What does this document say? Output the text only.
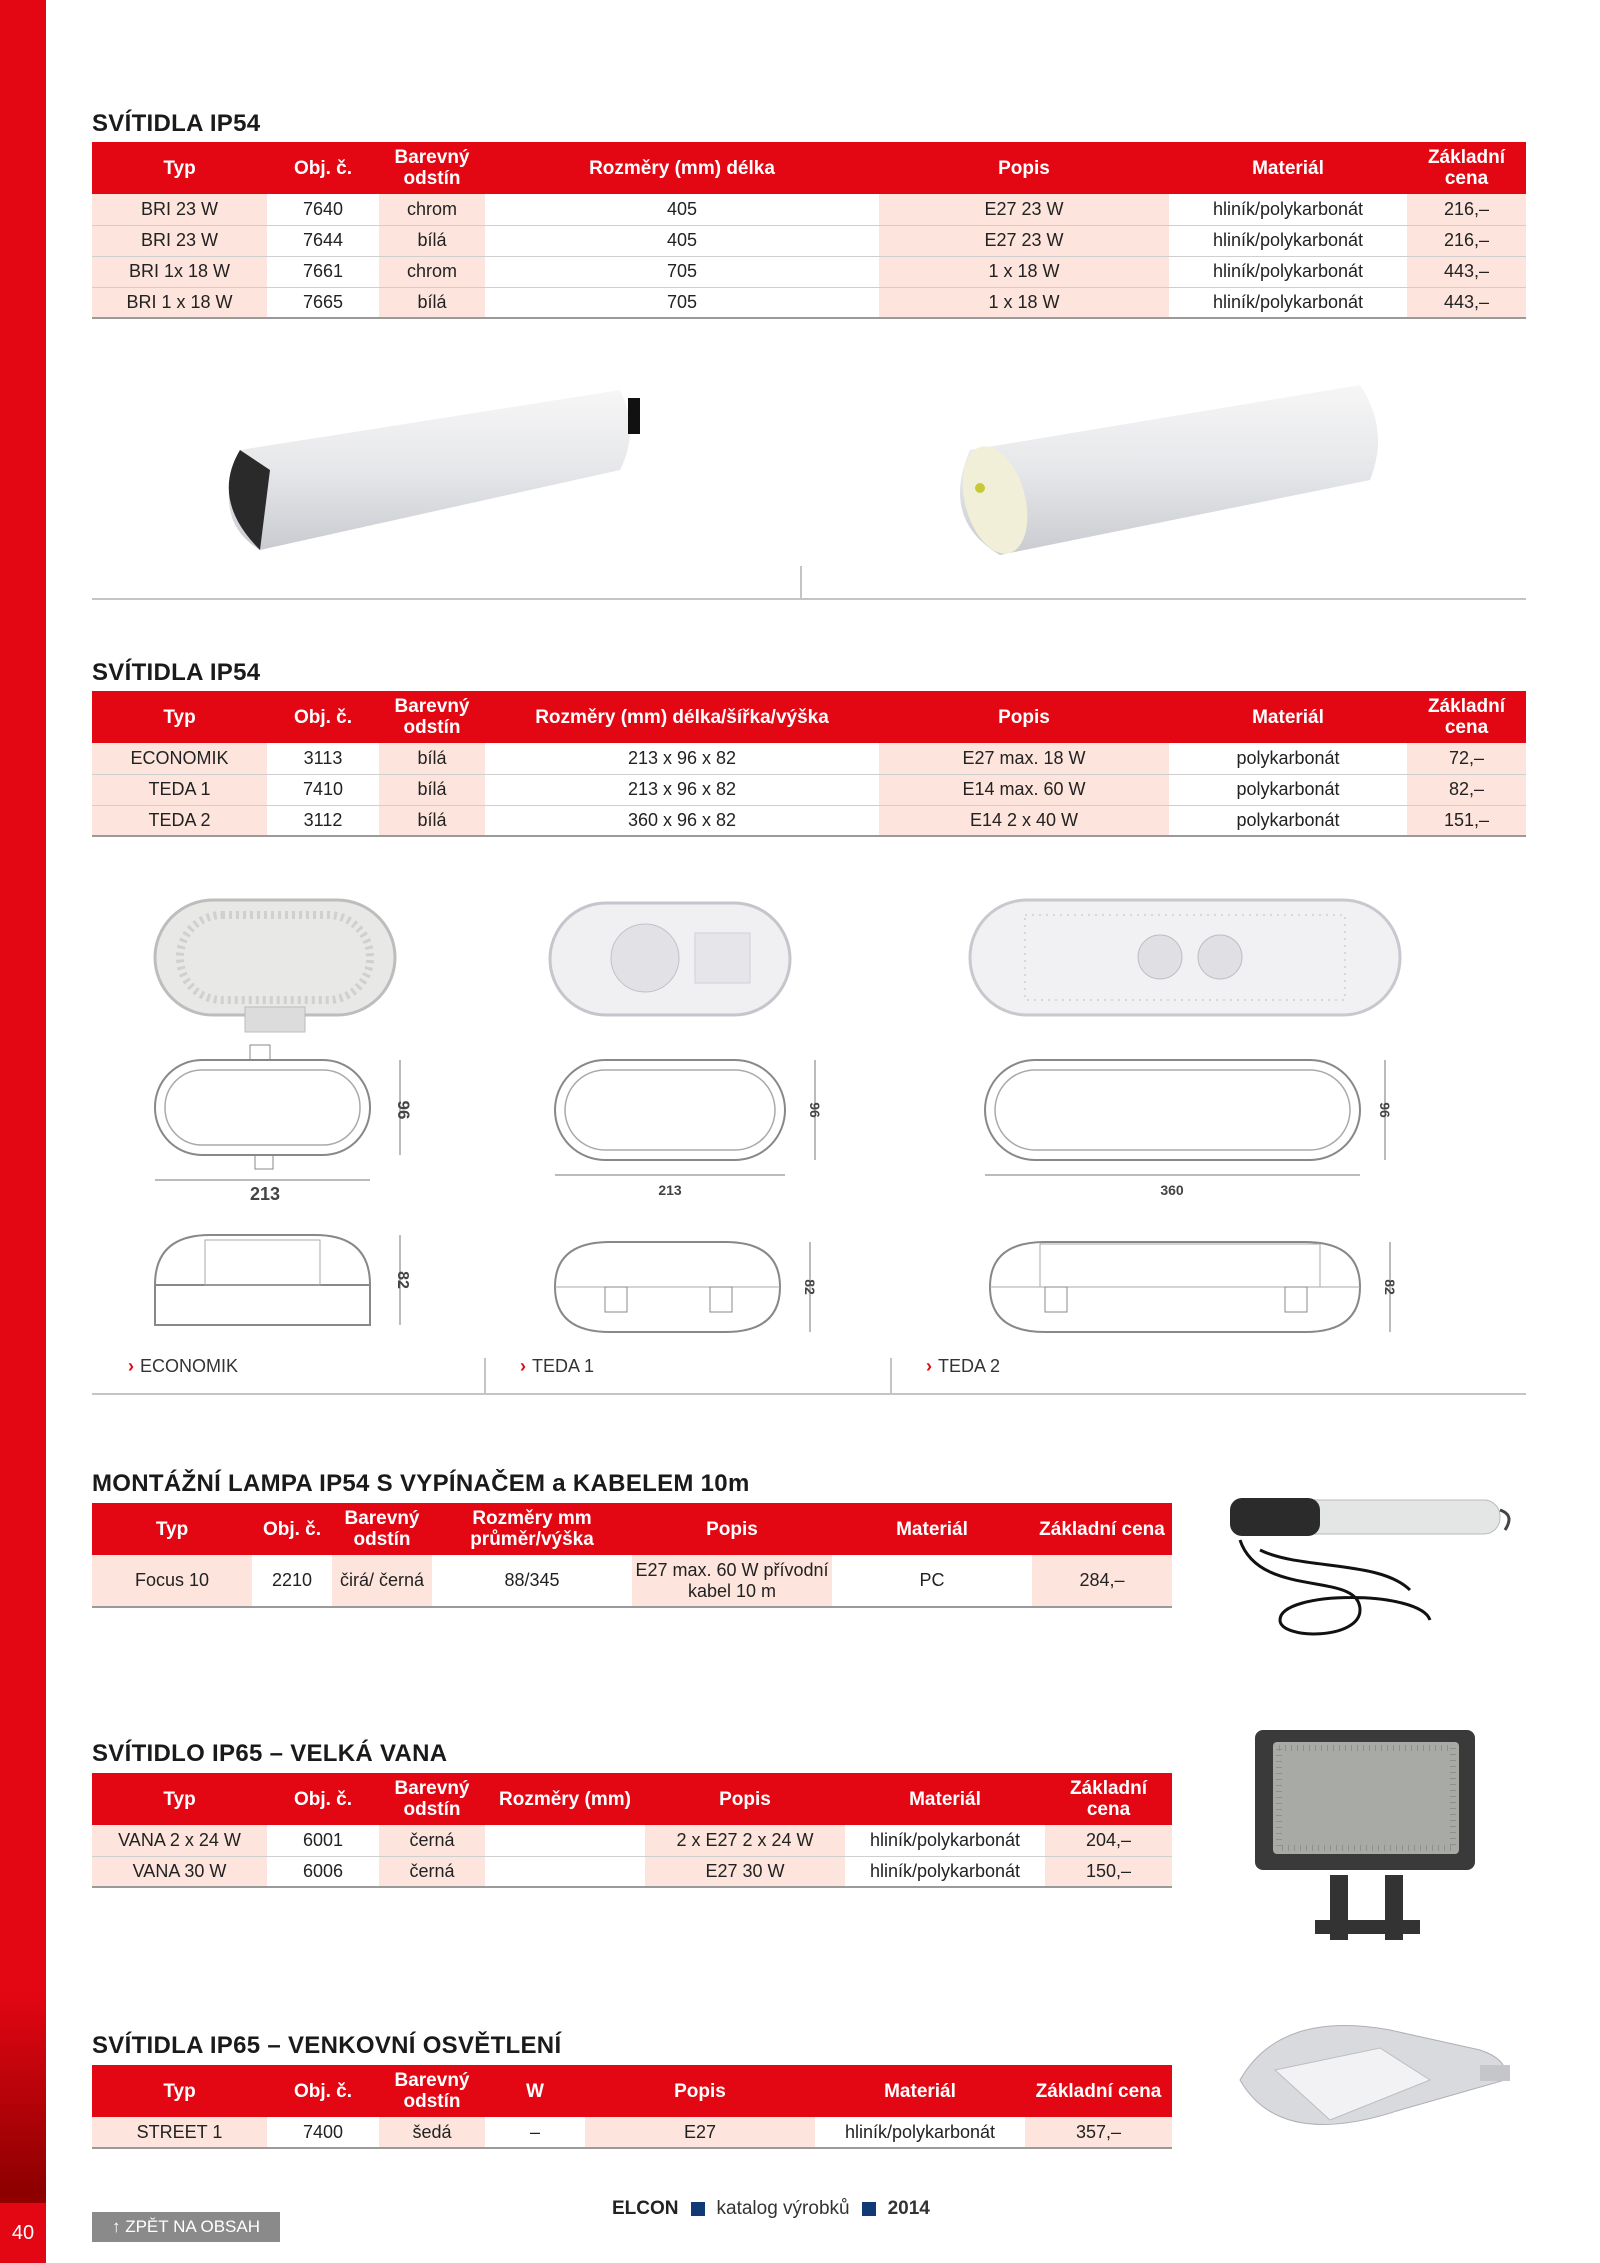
40
SVÍTIDLA IP54
Typ	Obj. č.	Barevný odstín	Rozměry (mm) délka	Popis	Materiál	Základní cena
BRI 23 W	7640	chrom	405	E27 23 W	hliník/polykarbonát	216,–
BRI 23 W	7644	bílá	405	E27 23 W	hliník/polykarbonát	216,–
BRI 1x 18 W	7661	chrom	705	1 x 18 W	hliník/polykarbonát	443,–
BRI 1 x 18 W	7665	bílá	705	1 x 18 W	hliník/polykarbonát	443,–
SVÍTIDLA IP54
Typ	Obj. č.	Barevný odstín	Rozměry (mm) délka/šířka/výška	Popis	Materiál	Základní cena
ECONOMIK	3113	bílá	213 x 96 x 82	E27 max. 18 W	polykarbonát	72,–
TEDA 1	7410	bílá	213 x 96 x 82	E14 max. 60 W	polykarbonát	82,–
TEDA 2	3112	bílá	360 x 96 x 82	E14 2 x 40 W	polykarbonát	151,–
96
213
96
213
96
360
82	82	82
› ECONOMIK	› TEDA 1	› TEDA 2
MONTÁŽNÍ LAMPA IP54 S VYPÍNAČEM a KABELEM 10m
Typ	Obj. č.	Barevný odstín	Rozměry mm průměr/výška	Popis	Materiál	Základní cena
Focus 10	2210	čirá/ černá	88/345	E27 max. 60 W přívodní kabel 10 m	PC	284,–
SVÍTIDLO IP65 – VELKÁ VANA
Typ	Obj. č.	Barevný odstín	Rozměry (mm)	Popis	Materiál	Základní cena
VANA 2 x 24 W	6001	černá		2 x E27 2 x 24 W	hliník/polykarbonát	204,–
VANA 30 W	6006	černá		E27 30 W	hliník/polykarbonát	150,–
SVÍTIDLA IP65 – VENKOVNÍ OSVĚTLENÍ
Typ	Obj. č.	Barevný odstín	W	Popis	Materiál	Základní cena
STREET 1	7400	šedá	–	E27	hliník/polykarbonát	357,–
↑ ZPĚT NA OBSAH
ELCON katalog výrobků 2014
